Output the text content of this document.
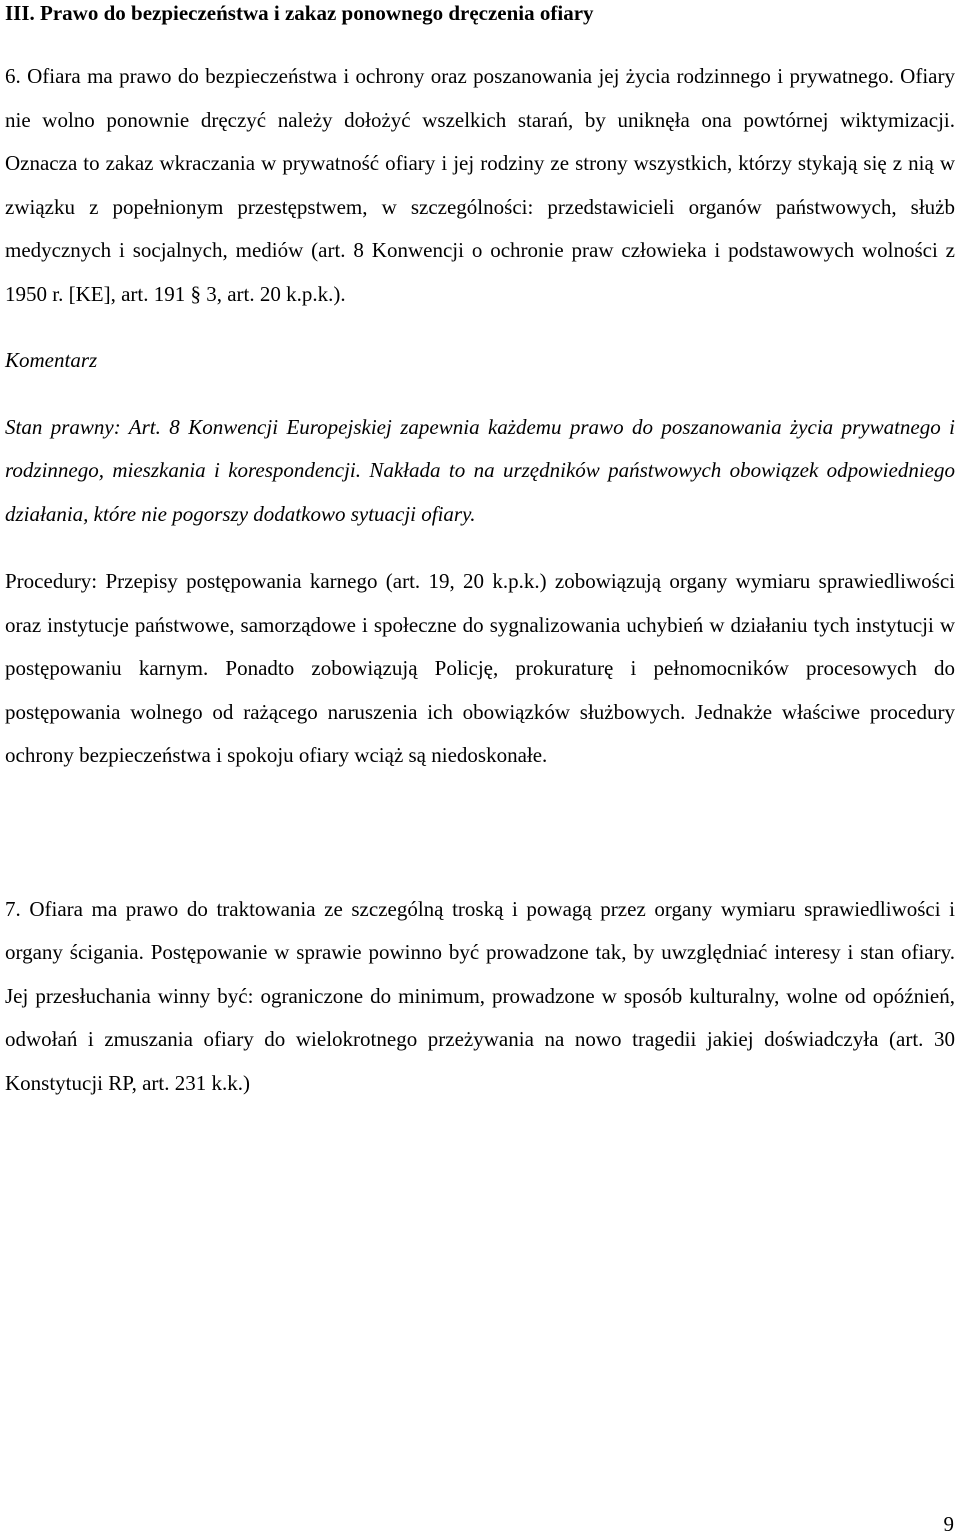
III. Prawo do bezpieczeństwa i zakaz ponownego dręczenia ofiary

6. Ofiara ma prawo do bezpieczeństwa i ochrony oraz poszanowania jej życia rodzinnego i prywatnego. Ofiary nie wolno ponownie dręczyć należy dołożyć wszelkich starań, by uniknęła ona powtórnej wiktymizacji. Oznacza to zakaz wkraczania w prywatność ofiary i jej rodziny ze strony wszystkich, którzy stykają się z nią w związku z popełnionym przestępstwem, w szczególności: przedstawicieli organów państwowych, służb medycznych i socjalnych, mediów (art. 8 Konwencji o ochronie praw człowieka i podstawowych wolności z 1950 r. [KE], art. 191 § 3, art. 20 k.p.k.).

Komentarz

Stan prawny: Art. 8 Konwencji Europejskiej zapewnia każdemu prawo do poszanowania życia prywatnego i rodzinnego, mieszkania i korespondencji. Nakłada to na urzędników państwowych obowiązek odpowiedniego działania, które nie pogorszy dodatkowo sytuacji ofiary.

Procedury: Przepisy postępowania karnego (art. 19, 20 k.p.k.) zobowiązują organy wymiaru sprawiedliwości oraz instytucje państwowe, samorządowe i społeczne do sygnalizowania uchybień w działaniu tych instytucji w postępowaniu karnym. Ponadto zobowiązują Policję, prokuraturę i pełnomocników procesowych do postępowania wolnego od rażącego naruszenia ich obowiązków służbowych. Jednakże właściwe procedury ochrony bezpieczeństwa i spokoju ofiary wciąż są niedoskonałe.

7. Ofiara ma prawo do traktowania ze szczególną troską i powagą przez organy wymiaru sprawiedliwości i organy ścigania. Postępowanie w sprawie powinno być prowadzone tak, by uwzględniać interesy i stan ofiary. Jej przesłuchania winny być: ograniczone do minimum, prowadzone w sposób kulturalny, wolne od opóźnień, odwołań i zmuszania ofiary do wielokrotnego przeżywania na nowo tragedii jakiej doświadczyła (art. 30 Konstytucji RP, art. 231 k.k.)

9
